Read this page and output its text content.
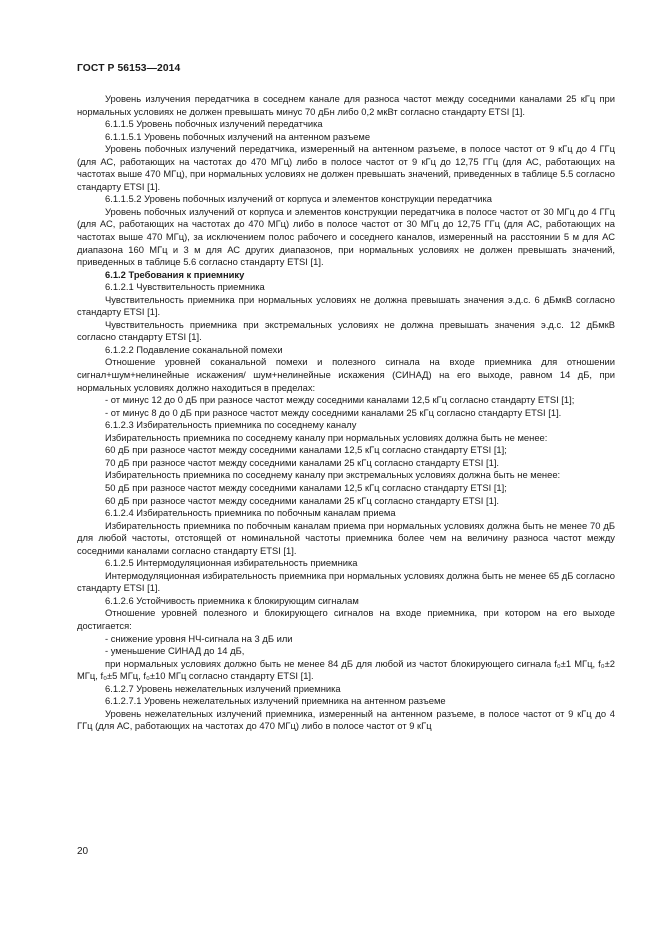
ГОСТ Р 56153—2014

Уровень излучения передатчика в соседнем канале для разноса частот между соседними каналами 25 кГц при нормальных условиях не должен превышать минус 70 дБн либо 0,2 мкВт согласно стандарту ETSI [1].

6.1.1.5 Уровень побочных излучений передатчика

6.1.1.5.1 Уровень побочных излучений на антенном разъеме

Уровень побочных излучений передатчика, измеренный на антенном разъеме, в полосе частот от 9 кГц до 4 ГГц (для АС, работающих на частотах до 470 МГц) либо в полосе частот от 9 кГц до 12,75 ГГц (для АС, работающих на частотах выше 470 МГц), при нормальных условиях не должен превышать значений, приведенных в таблице 5.5 согласно стандарту ETSI [1].

6.1.1.5.2 Уровень побочных излучений от корпуса и элементов конструкции передатчика

Уровень побочных излучений от корпуса и элементов конструкции передатчика в полосе частот от 30 МГц до 4 ГГц (для АС, работающих на частотах до 470 МГц) либо в полосе частот от 30 МГц до 12,75 ГГц (для АС, работающих на частотах выше 470 МГц), за исключением полос рабочего и соседнего каналов, измеренный на расстоянии 5 м для АС диапазона 160 МГц и 3 м для АС других диапазонов, при нормальных условиях не должен превышать значений, приведенных в таблице 5.6 согласно стандарту ETSI [1].

6.1.2 Требования к приемнику

6.1.2.1 Чувствительность приемника

Чувствительность приемника при нормальных условиях не должна превышать значения э.д.с. 6 дБмкВ согласно стандарту ETSI [1].

Чувствительность приемника при экстремальных условиях не должна превышать значения э.д.с. 12 дБмкВ согласно стандарту ETSI [1].

6.1.2.2 Подавление соканальной помехи

Отношение уровней соканальной помехи и полезного сигнала на входе приемника для отношении сигнал+шум+нелинейные искажения/ шум+нелинейные искажения (СИНАД) на его выходе, равном 14 дБ, при нормальных условиях должно находиться в пределах:

- от минус 12 до 0 дБ при разносе частот между соседними каналами 12,5 кГц согласно стандарту ETSI [1];

- от минус 8 до 0 дБ при разносе частот между соседними каналами 25 кГц согласно стандарту ETSI [1].

6.1.2.3 Избирательность приемника по соседнему каналу

Избирательность приемника по соседнему каналу при нормальных условиях должна быть не менее:

60 дБ при разносе частот между соседними каналами 12,5 кГц согласно стандарту ETSI [1];

70 дБ при разносе частот между соседними каналами 25 кГц согласно стандарту ETSI [1].

Избирательность приемника по соседнему каналу при экстремальных условиях должна быть не менее:

50 дБ при разносе частот между соседними каналами 12,5 кГц согласно стандарту ETSI [1];

60 дБ при разносе частот между соседними каналами 25 кГц согласно стандарту ETSI [1].

6.1.2.4 Избирательность приемника по побочным каналам приема

Избирательность приемника по побочным каналам приема при нормальных условиях должна быть не менее 70 дБ для любой частоты, отстоящей от номинальной частоты приемника более чем на величину разноса частот между соседними каналами согласно стандарту ETSI [1].

6.1.2.5 Интермодуляционная избирательность приемника

Интермодуляционная избирательность приемника при нормальных условиях должна быть не менее 65 дБ согласно стандарту ETSI [1].

6.1.2.6 Устойчивость приемника к блокирующим сигналам

Отношение уровней полезного и блокирующего сигналов на входе приемника, при котором на его выходе достигается:

- снижение уровня НЧ-сигнала на 3 дБ или

- уменьшение СИНАД до 14 дБ,

при нормальных условиях должно быть не менее 84 дБ для любой из частот блокирующего сигнала f₀±1 МГц, f₀±2 МГц, f₀±5 МГц, f₀±10 МГц согласно стандарту ETSI [1].

6.1.2.7 Уровень нежелательных излучений приемника

6.1.2.7.1 Уровень нежелательных излучений приемника на антенном разъеме

Уровень нежелательных излучений приемника, измеренный на антенном разъеме, в полосе частот от 9 кГц до 4 ГГц (для АС, работающих на частотах до 470 МГц) либо в полосе частот от 9 кГц

20
